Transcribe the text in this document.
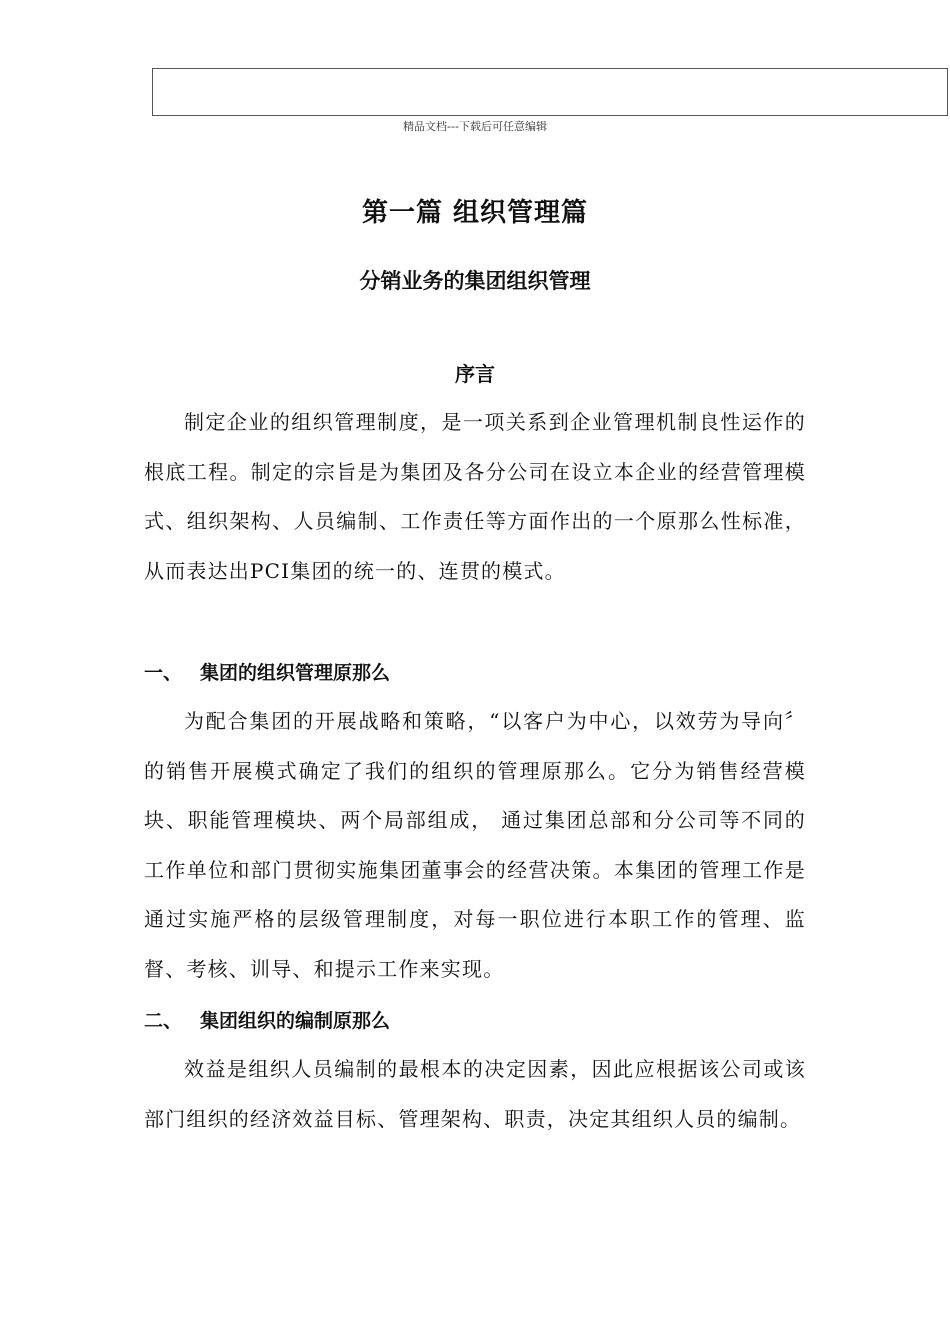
精品文档---下载后可任意编辑
第一篇 组织管理篇
分销业务的集团组织管理
序言

制定企业的组织管理制度，是一项关系到企业管理机制良性运作的根底工程。制定的宗旨是为集团及各分公司在设立本企业的经营管理模式、组织架构、人员编制、工作责任等方面作出的一个原那么性标准，从而表达出PCI集团的统一的、连贯的模式。

一、 集团的组织管理原那么

为配合集团的开展战略和策略，“以客户为中心，以效劳为导向〞的销售开展模式确定了我们的组织的管理原那么。它分为销售经营模块、职能管理模块、两个局部组成， 通过集团总部和分公司等不同的工作单位和部门贯彻实施集团董事会的经营决策。本集团的管理工作是通过实施严格的层级管理制度，对每一职位进行本职工作的管理、监督、考核、训导、和提示工作来实现。

二、 集团组织的编制原那么

效益是组织人员编制的最根本的决定因素，因此应根据该公司或该部门组织的经济效益目标、管理架构、职责，决定其组织人员的编制。
